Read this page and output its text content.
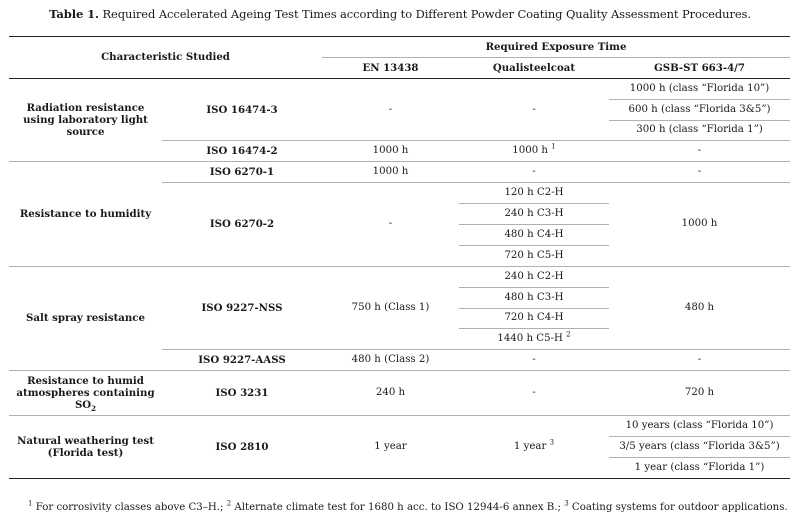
Table 1. Required Accelerated Ageing Test Times according to Different Powder Coating Quality Assessment Procedures.
Characteristic Studied		Required Exposure Time		
		EN 13438	Qualisteelcoat	GSB-ST 663-4/7
Radiation resistance using laboratory light source	ISO 16474-3	-	-	1000 h (class “Florida 10”)
				600 h (class “Florida 3&5”)
				300 h (class “Florida 1”)
	ISO 16474-2	1000 h	1000 h $^1$	-
Resistance to humidity	ISO 6270-1	1000 h	-	-
	ISO 6270-2	-	120 h C2-H	1000 h
			240 h C3-H	
			480 h C4-H	
			720 h C5-H	
Salt spray resistance	ISO 9227-NSS	750 h (Class 1)	240 h C2-H	480 h
			480 h C3-H	
			720 h C4-H	
			1440 h C5-H $^2$
	ISO 9227-AASS	480 h (Class 2)	-	-
Resistance to humid atmospheres containing $SO_2$	ISO 3231	240 h	-	720 h
Natural weathering test (Florida test)	ISO 2810	1 year	1 year $^3$	10 years (class “Florida 10”)
				3/5 years (class “Florida 3&5”)
				1 year (class “Florida 1”)
$^1$ For corrosivity classes above C3–H.; $^2$ Alternate climate test for 1680 h acc. to ISO 12944-6 annex B.; $^3$ Coating systems for outdoor applications.
